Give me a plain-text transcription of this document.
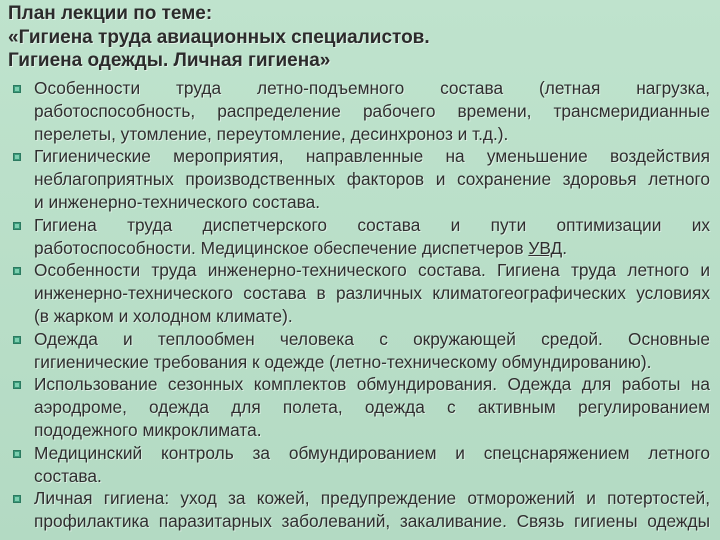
План лекции по теме:
«Гигиена труда авиационных специалистов.
Гигиена одежды. Личная гигиена»
Особенности труда летно-подъемного состава (летная нагрузка,
работоспособность, распределение рабочего времени, трансмеридианные
перелеты, утомление, переутомление, десинхроноз и т.д.).
Гигиенические мероприятия, направленные на уменьшение воздействия
неблагоприятных производственных факторов и сохранение здоровья летного
и инженерно-технического состава.
Гигиена труда диспетчерского состава и пути оптимизации их
работоспособности. Медицинское обеспечение диспетчеров УВД.
Особенности труда инженерно-технического состава. Гигиена труда летного и
инженерно-технического состава в различных климатогеографических условиях
(в жарком и холодном климате).
Одежда и теплообмен человека с окружающей средой. Основные
гигиенические требования к одежде (летно-техническому обмундированию).
Использование сезонных комплектов обмундирования. Одежда для работы на
аэродроме, одежда для полета, одежда с активным регулированием
пододежного микроклимата.
Медицинский контроль за обмундированием и спецснаряжением летного
состава.
Личная гигиена: уход за кожей, предупреждение отморожений и потертостей,
профилактика паразитарных заболеваний, закаливание. Связь гигиены одежды
